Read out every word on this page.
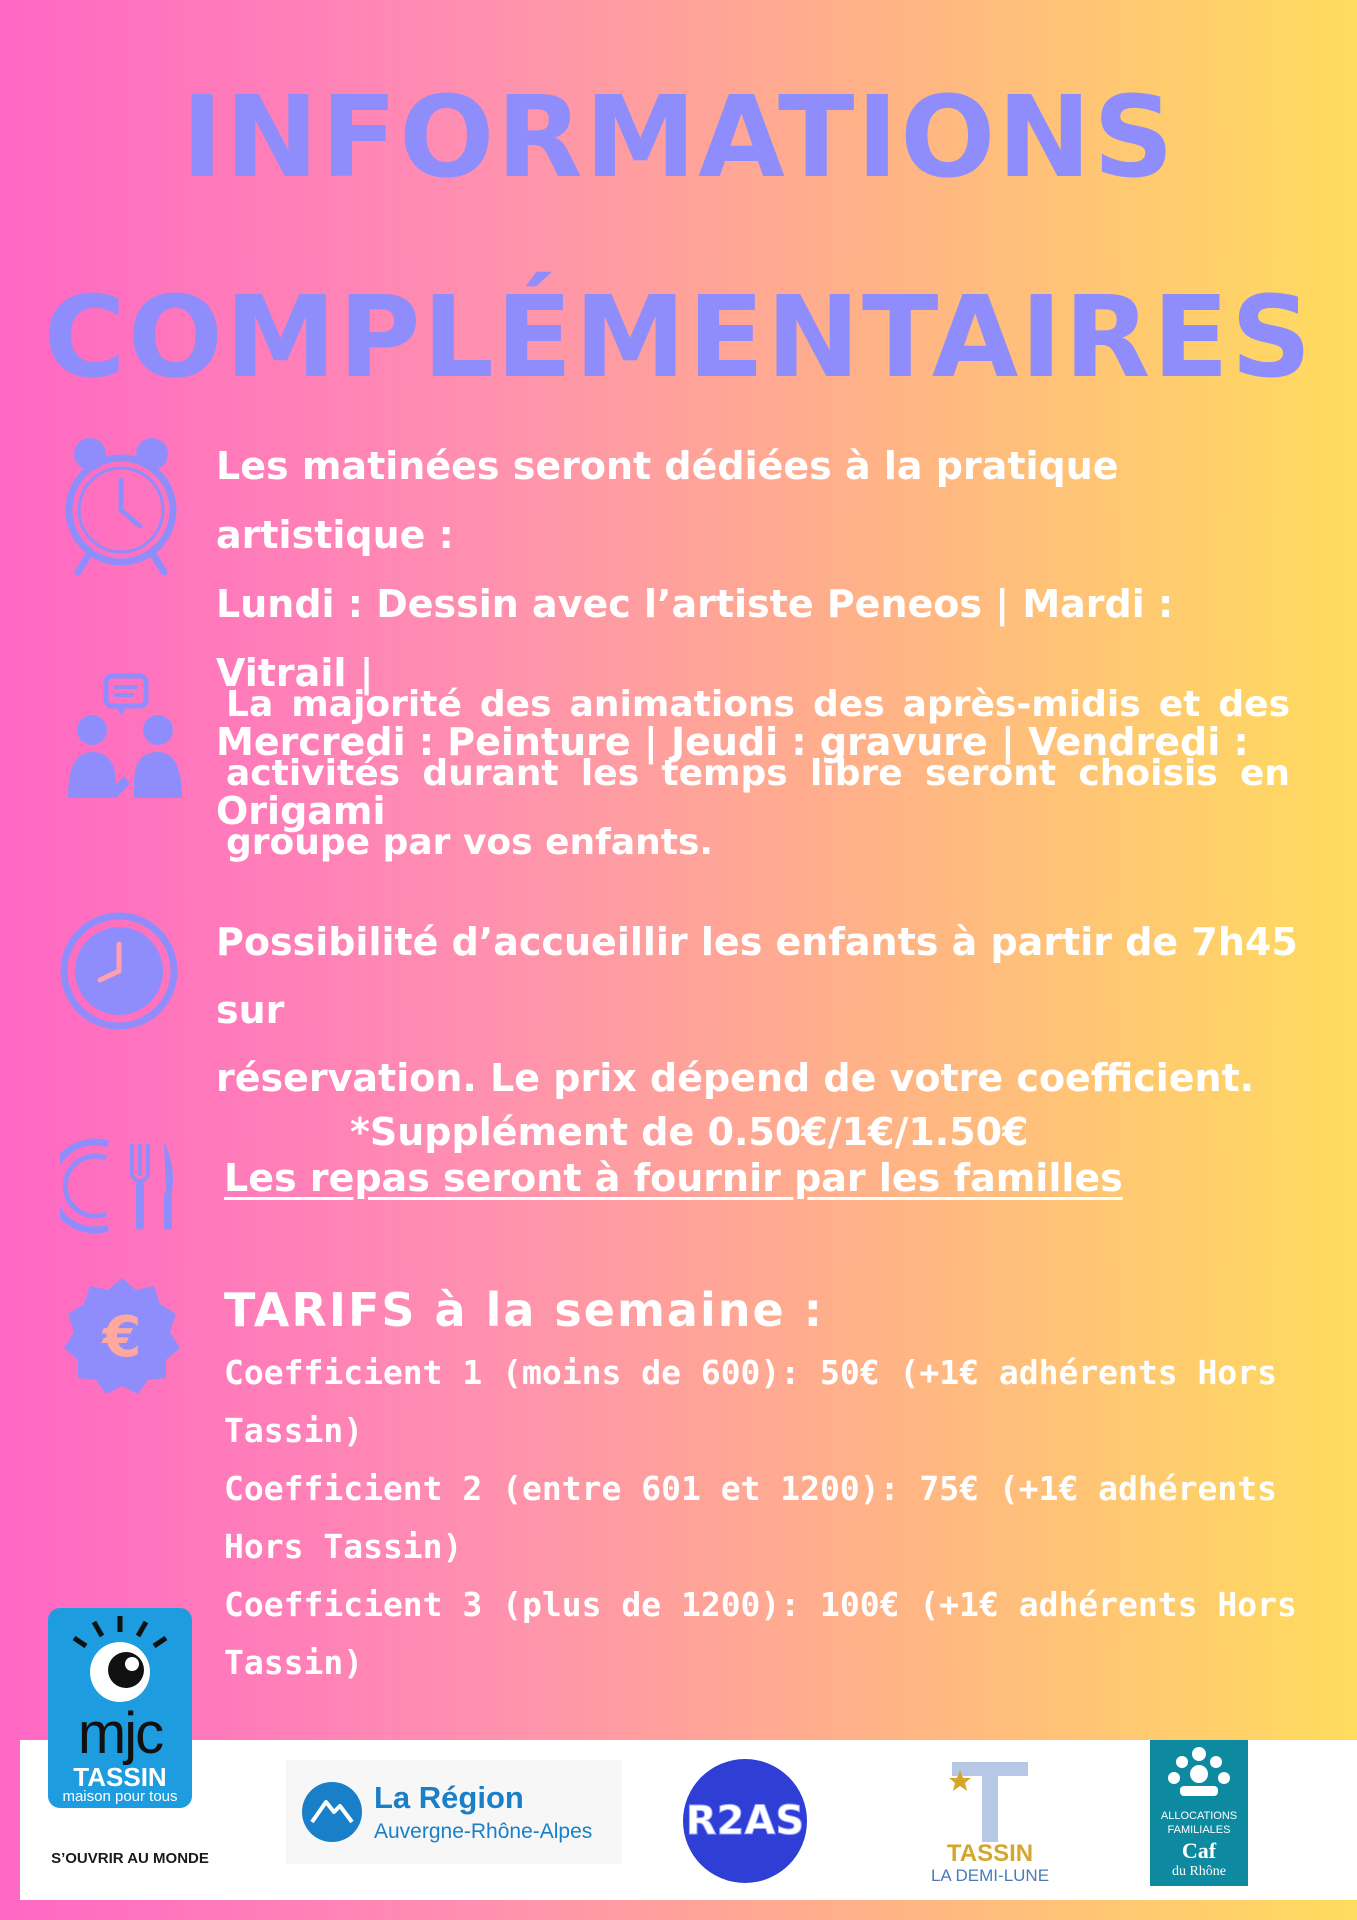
INFORMATIONS
COMPLÉMENTAIRES
Les matinées seront dédiées à la pratique artistique :
Lundi : Dessin avec l’artiste Peneos | Mardi : Vitrail |
Mercredi : Peinture | Jeudi : gravure | Vendredi : Origami
La majorité des animations des après-midis et des activités durant les temps libre seront choisis en groupe par vos enfants.
Possibilité d’accueillir les enfants à partir de 7h45 sur
réservation. Le prix dépend de votre coefficient.
*Supplément de 0.50€/1€/1.50€
Les repas seront à fournir par les familles
€ TARIFS à la semaine :
Coefficient 1 (moins de 600): 50€ (+1€ adhérents Hors
Tassin)
Coefficient 2 (entre 601 et 1200): 75€ (+1€ adhérents
Hors Tassin)
Coefficient 3 (plus de 1200): 100€ (+1€ adhérents Hors
Tassin)
mjc
TASSIN
maison pour tous
S’OUVRIR AU MONDE
La Région
Auvergne-Rhône-Alpes R2AS
TASSIN
LA DEMI-LUNE
ALLOCATIONS
FAMILIALES
Caf
du Rhône
